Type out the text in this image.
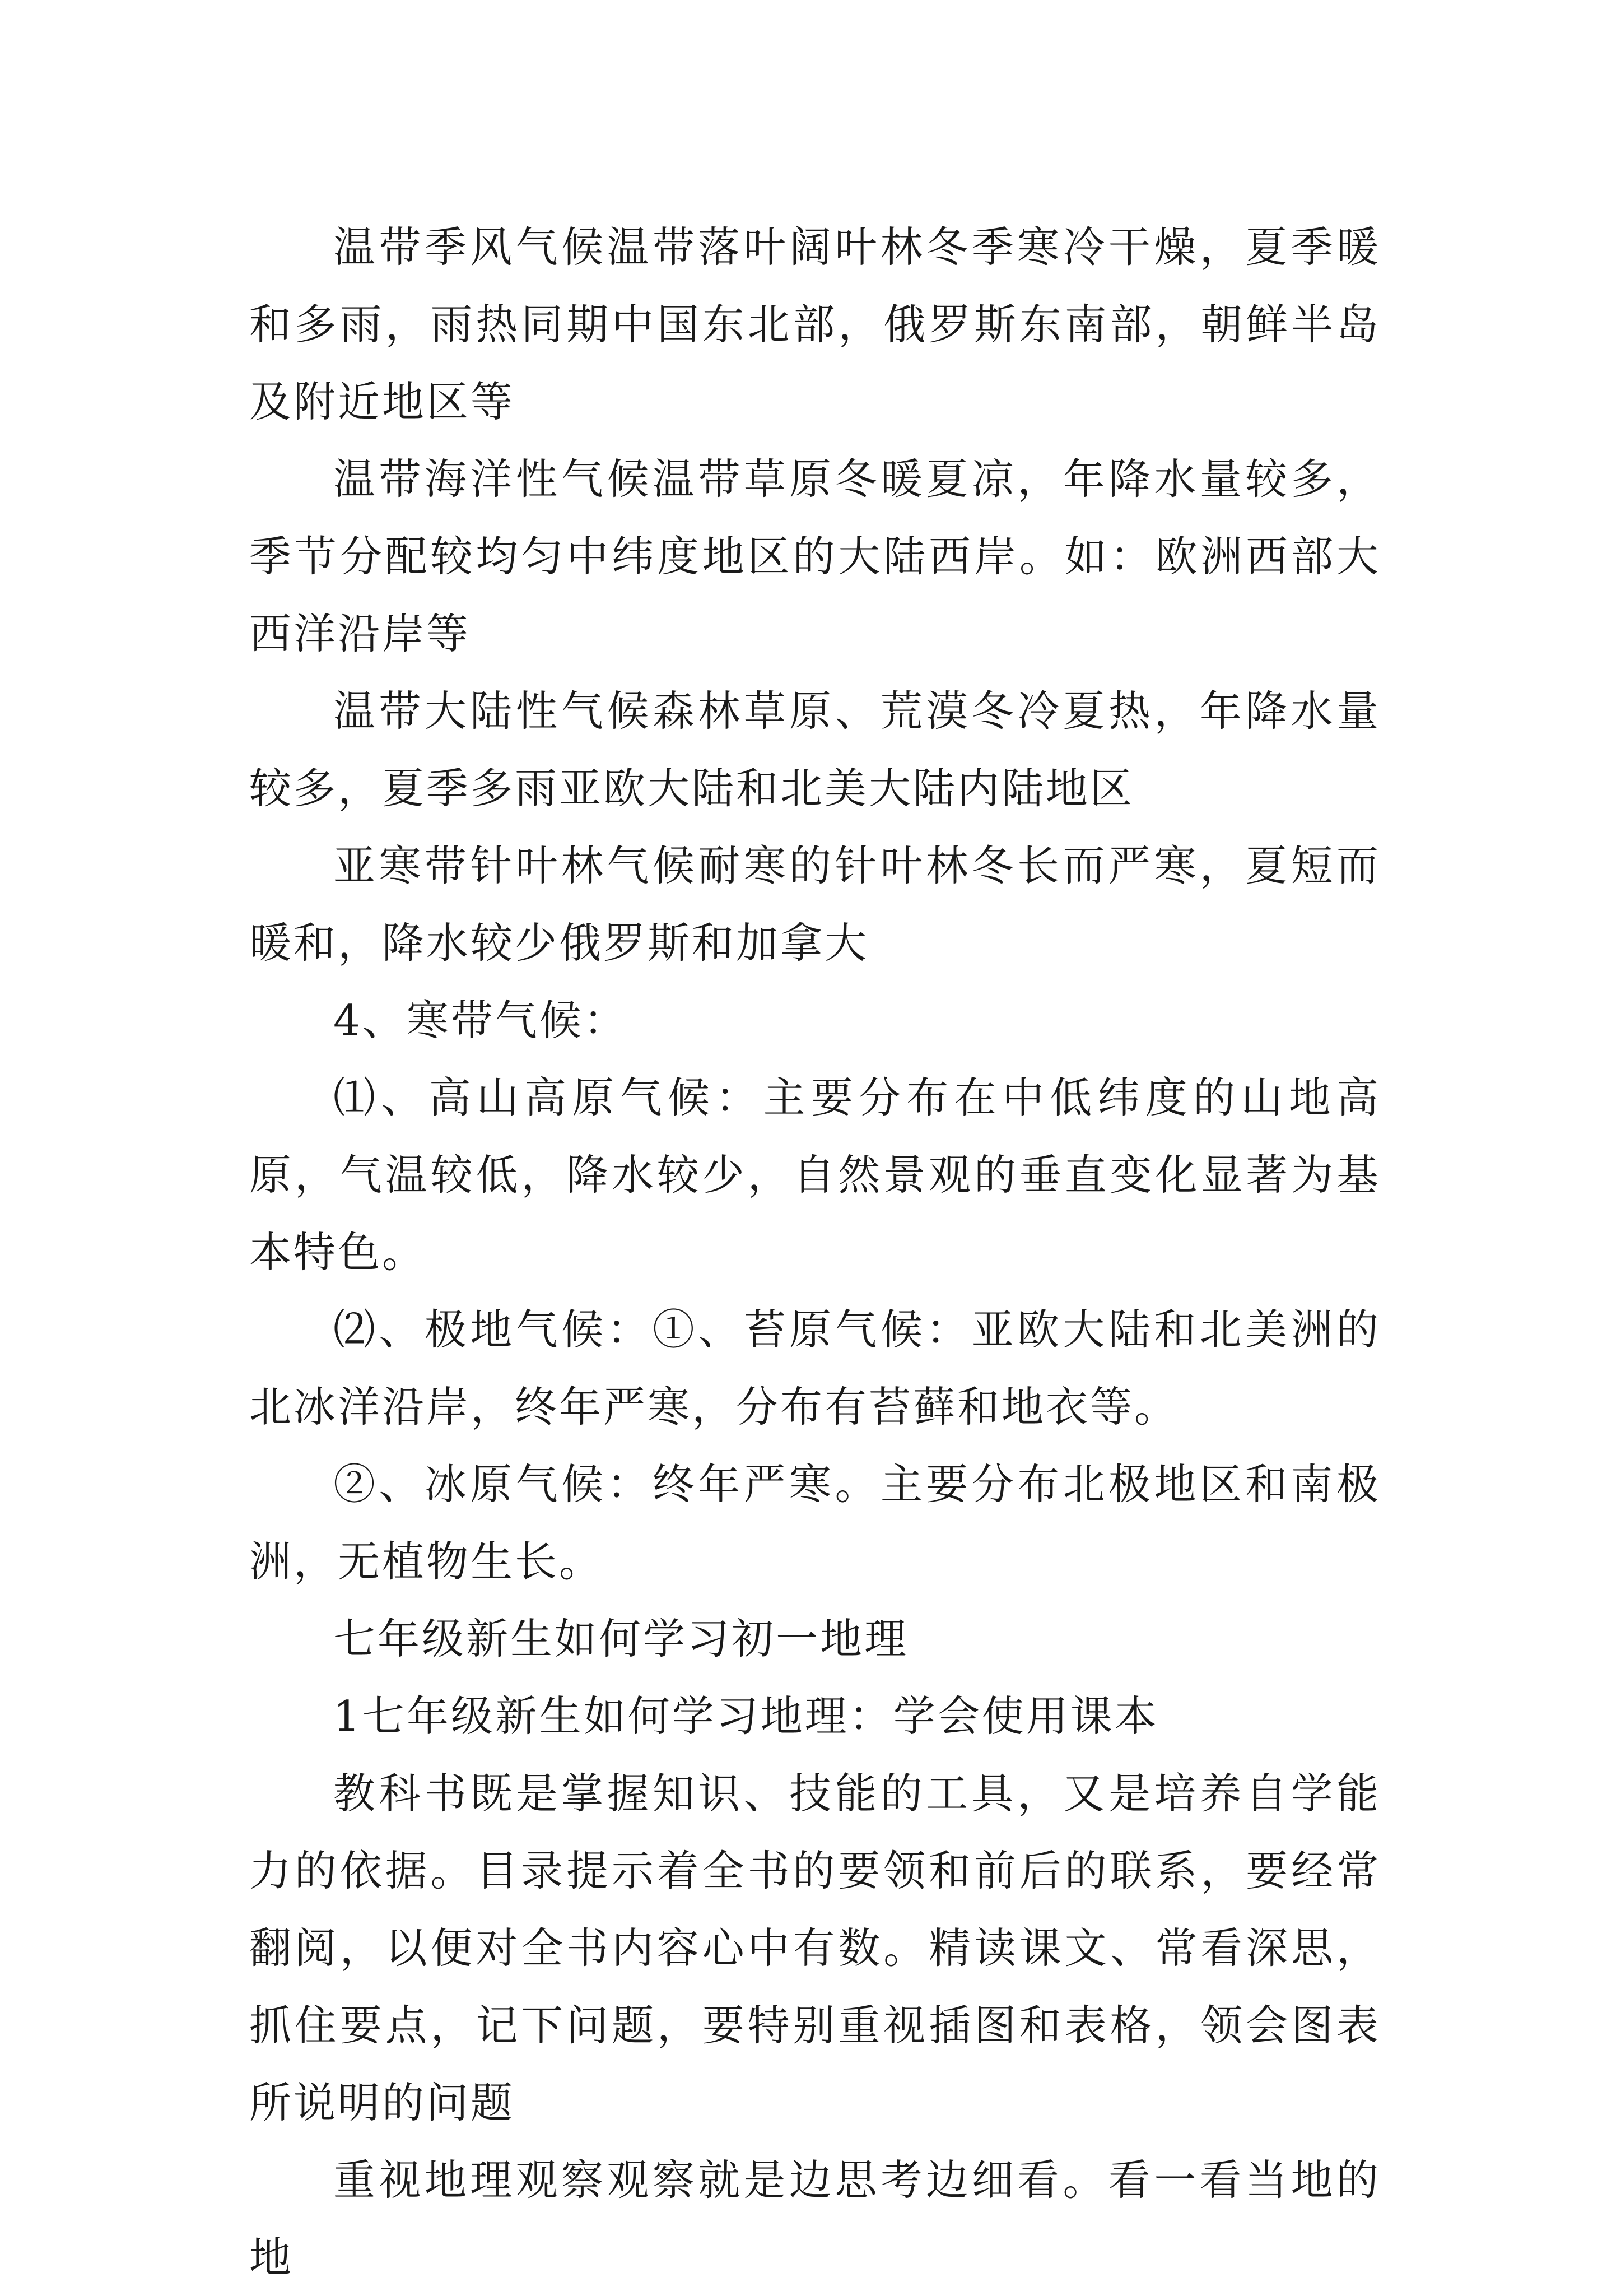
温带季风气候温带落叶阔叶林冬季寒冷干燥，夏季暖和多雨，雨热同期中国东北部，俄罗斯东南部，朝鲜半岛及附近地区等

温带海洋性气候温带草原冬暖夏凉，年降水量较多，季节分配较均匀中纬度地区的大陆西岸。如：欧洲西部大西洋沿岸等

温带大陆性气候森林草原、荒漠冬冷夏热，年降水量较多，夏季多雨亚欧大陆和北美大陆内陆地区

亚寒带针叶林气候耐寒的针叶林冬长而严寒，夏短而暖和，降水较少俄罗斯和加拿大

4、寒带气候：

⑴、高山高原气候：主要分布在中低纬度的山地高原，气温较低，降水较少，自然景观的垂直变化显著为基本特色。

⑵、极地气候：①、苔原气候：亚欧大陆和北美洲的北冰洋沿岸，终年严寒，分布有苔藓和地衣等。

②、冰原气候：终年严寒。主要分布北极地区和南极洲，无植物生长。

七年级新生如何学习初一地理

1七年级新生如何学习地理：学会使用课本

教科书既是掌握知识、技能的工具，又是培养自学能力的依据。目录提示着全书的要领和前后的联系，要经常翻阅，以便对全书内容心中有数。精读课文、常看深思，抓住要点，记下问题，要特别重视插图和表格，领会图表所说明的问题

重视地理观察观察就是边思考边细看。看一看当地的地
